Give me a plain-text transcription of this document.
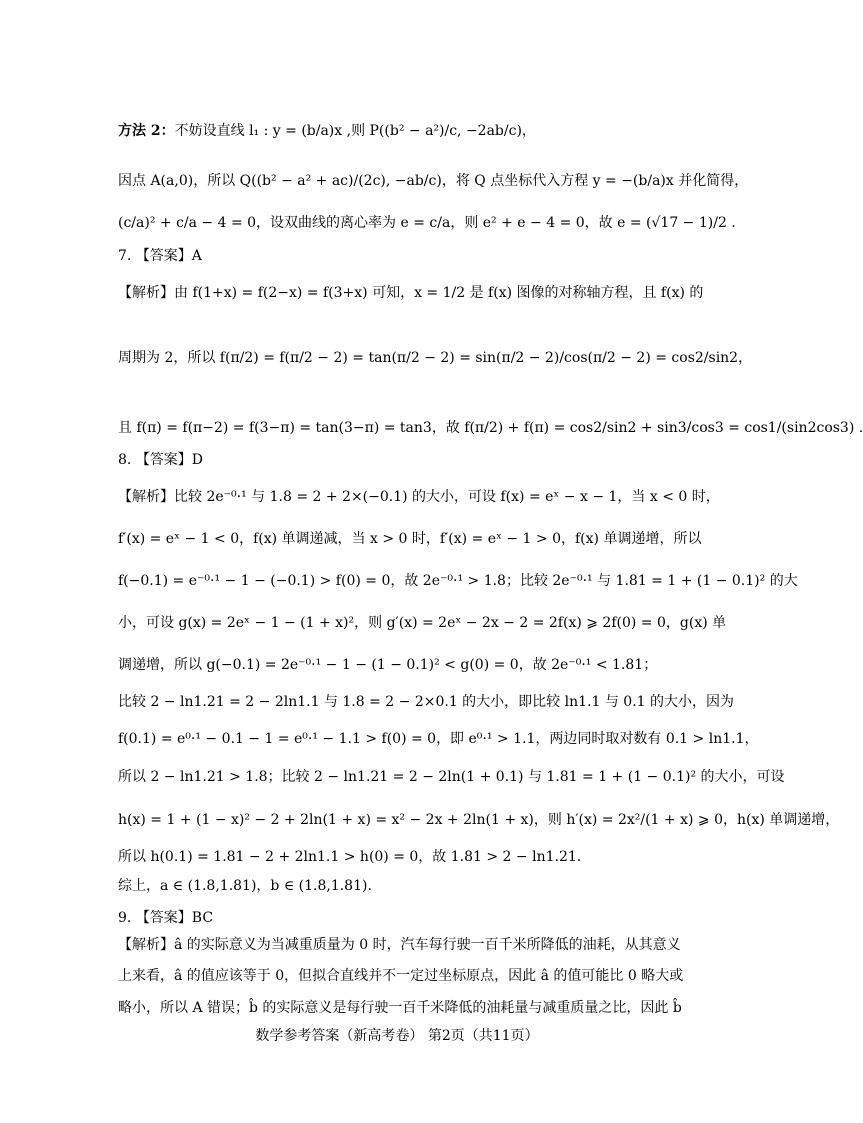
方法 2：不妨设直线 l₁ : y = (b/a)x ,则 P((b² − a²)/c, −2ab/c)，
因点 A(a,0)，所以 Q((b² − a² + ac)/(2c), −ab/c)，将 Q 点坐标代入方程 y = −(b/a)x 并化简得，
(c/a)² + c/a − 4 = 0，设双曲线的离心率为 e = c/a，则 e² + e − 4 = 0，故 e = (√17 − 1)/2 .
7. 【答案】A
【解析】由 f(1+x) = f(2−x) = f(3+x) 可知，x = 1/2 是 f(x) 图像的对称轴方程，且 f(x) 的
周期为 2，所以 f(π/2) = f(π/2 − 2) = tan(π/2 − 2) = sin(π/2 − 2)/cos(π/2 − 2) = cos2/sin2，
且 f(π) = f(π−2) = f(3−π) = tan(3−π) = tan3，故 f(π/2) + f(π) = cos2/sin2 + sin3/cos3 = cos1/(sin2cos3) .
8. 【答案】D
【解析】比较 2e⁻⁰·¹ 与 1.8 = 2 + 2×(−0.1) 的大小，可设 f(x) = eˣ − x − 1，当 x < 0 时，
f′(x) = eˣ − 1 < 0，f(x) 单调递减，当 x > 0 时，f′(x) = eˣ − 1 > 0，f(x) 单调递增，所以
f(−0.1) = e⁻⁰·¹ − 1 − (−0.1) > f(0) = 0，故 2e⁻⁰·¹ > 1.8；比较 2e⁻⁰·¹ 与 1.81 = 1 + (1 − 0.1)² 的大
小，可设 g(x) = 2eˣ − 1 − (1 + x)²，则 g′(x) = 2eˣ − 2x − 2 = 2f(x) ⩾ 2f(0) = 0，g(x) 单
调递增，所以 g(−0.1) = 2e⁻⁰·¹ − 1 − (1 − 0.1)² < g(0) = 0，故 2e⁻⁰·¹ < 1.81；
比较 2 − ln1.21 = 2 − 2ln1.1 与 1.8 = 2 − 2×0.1 的大小，即比较 ln1.1 与 0.1 的大小，因为
f(0.1) = e⁰·¹ − 0.1 − 1 = e⁰·¹ − 1.1 > f(0) = 0，即 e⁰·¹ > 1.1，两边同时取对数有 0.1 > ln1.1，
所以 2 − ln1.21 > 1.8；比较 2 − ln1.21 = 2 − 2ln(1 + 0.1) 与 1.81 = 1 + (1 − 0.1)² 的大小，可设
h(x) = 1 + (1 − x)² − 2 + 2ln(1 + x) = x² − 2x + 2ln(1 + x)，则 h′(x) = 2x²/(1 + x) ⩾ 0，h(x) 单调递增，
所以 h(0.1) = 1.81 − 2 + 2ln1.1 > h(0) = 0，故 1.81 > 2 − ln1.21.
综上，a ∈ (1.8,1.81)，b ∈ (1.8,1.81).
9. 【答案】BC
【解析】â 的实际意义为当减重质量为 0 时，汽车每行驶一百千米所降低的油耗，从其意义
上来看，â 的值应该等于 0，但拟合直线并不一定过坐标原点，因此 â 的值可能比 0 略大或
略小，所以 A 错误；b̂ 的实际意义是每行驶一百千米降低的油耗量与减重质量之比，因此 b̂
数学参考答案（新高考卷） 第2页（共11页）
